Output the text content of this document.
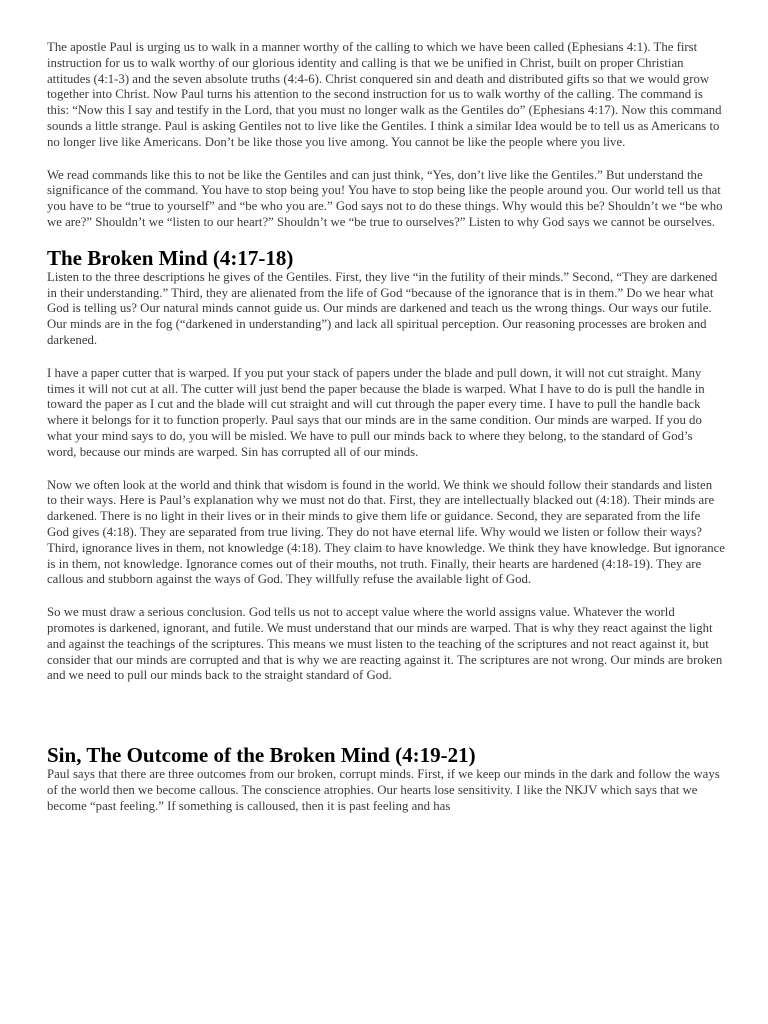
The apostle Paul is urging us to walk in a manner worthy of the calling to which we have been called (Ephesians 4:1). The first instruction for us to walk worthy of our glorious identity and calling is that we be unified in Christ, built on proper Christian attitudes (4:1-3) and the seven absolute truths (4:4-6). Christ conquered sin and death and distributed gifts so that we would grow together into Christ. Now Paul turns his attention to the second instruction for us to walk worthy of the calling. The command is this: “Now this I say and testify in the Lord, that you must no longer walk as the Gentiles do” (Ephesians 4:17). Now this command sounds a little strange. Paul is asking Gentiles not to live like the Gentiles. I think a similar Idea would be to tell us as Americans to no longer live like Americans. Don’t be like those you live among. You cannot be like the people where you live.

We read commands like this to not be like the Gentiles and can just think, “Yes, don’t live like the Gentiles.” But understand the significance of the command. You have to stop being you! You have to stop being like the people around you. Our world tell us that you have to be “true to yourself” and “be who you are.” God says not to do these things. Why would this be? Shouldn’t we “be who we are?” Shouldn’t we “listen to our heart?” Shouldn’t we “be true to ourselves?” Listen to why God says we cannot be ourselves.

The Broken Mind (4:17-18)

Listen to the three descriptions he gives of the Gentiles. First, they live “in the futility of their minds.” Second, “They are darkened in their understanding.” Third, they are alienated from the life of God “because of the ignorance that is in them.” Do we hear what God is telling us? Our natural minds cannot guide us. Our minds are darkened and teach us the wrong things. Our ways our futile. Our minds are in the fog (“darkened in understanding”) and lack all spiritual perception. Our reasoning processes are broken and darkened.

I have a paper cutter that is warped. If you put your stack of papers under the blade and pull down, it will not cut straight. Many times it will not cut at all. The cutter will just bend the paper because the blade is warped. What I have to do is pull the handle in toward the paper as I cut and the blade will cut straight and will cut through the paper every time. I have to pull the handle back where it belongs for it to function properly. Paul says that our minds are in the same condition. Our minds are warped. If you do what your mind says to do, you will be misled. We have to pull our minds back to where they belong, to the standard of God’s word, because our minds are warped. Sin has corrupted all of our minds.

Now we often look at the world and think that wisdom is found in the world. We think we should follow their standards and listen to their ways. Here is Paul’s explanation why we must not do that. First, they are intellectually blacked out (4:18). Their minds are darkened. There is no light in their lives or in their minds to give them life or guidance. Second, they are separated from the life God gives (4:18). They are separated from true living. They do not have eternal life. Why would we listen or follow their ways? Third, ignorance lives in them, not knowledge (4:18). They claim to have knowledge. We think they have knowledge. But ignorance is in them, not knowledge. Ignorance comes out of their mouths, not truth. Finally, their hearts are hardened (4:18-19). They are callous and stubborn against the ways of God. They willfully refuse the available light of God.

So we must draw a serious conclusion. God tells us not to accept value where the world assigns value. Whatever the world promotes is darkened, ignorant, and futile. We must understand that our minds are warped. That is why they react against the light and against the teachings of the scriptures. This means we must listen to the teaching of the scriptures and not react against it, but consider that our minds are corrupted and that is why we are reacting against it. The scriptures are not wrong. Our minds are broken and we need to pull our minds back to the straight standard of God.

Sin, The Outcome of the Broken Mind (4:19-21)

Paul says that there are three outcomes from our broken, corrupt minds. First, if we keep our minds in the dark and follow the ways of the world then we become callous. The conscience atrophies. Our hearts lose sensitivity. I like the NKJV which says that we become “past feeling.” If something is calloused, then it is past feeling and has
